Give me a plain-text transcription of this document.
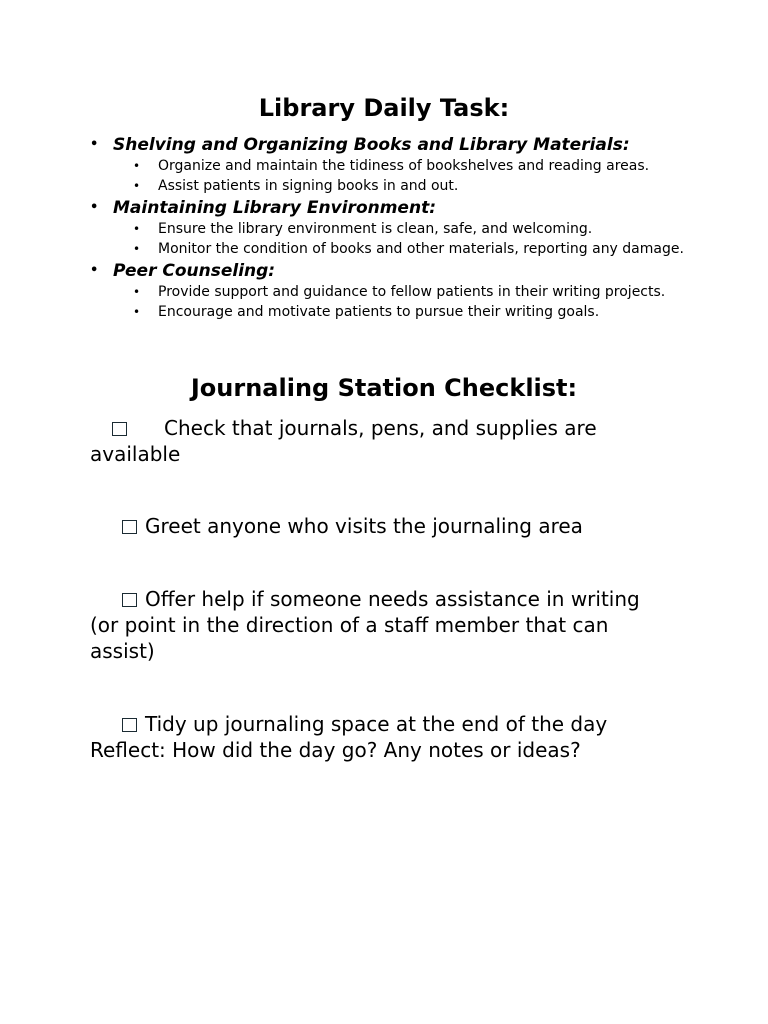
Library Daily Task:
• Shelving and Organizing Books and Library Materials:
• Organize and maintain the tidiness of bookshelves and reading areas.
• Assist patients in signing books in and out.
• Maintaining Library Environment:
• Ensure the library environment is clean, safe, and welcoming.
• Monitor the condition of books and other materials, reporting any damage.
• Peer Counseling:
• Provide support and guidance to fellow patients in their writing projects.
• Encourage and motivate patients to pursue their writing goals.
Journaling Station Checklist:

Check that journals, pens, and supplies are available

Greet anyone who visits the journaling area

Offer help if someone needs assistance in writing (or point in the direction of a staff member that can assist)

Tidy up journaling space at the end of the day
Reflect: How did the day go? Any notes or ideas?
